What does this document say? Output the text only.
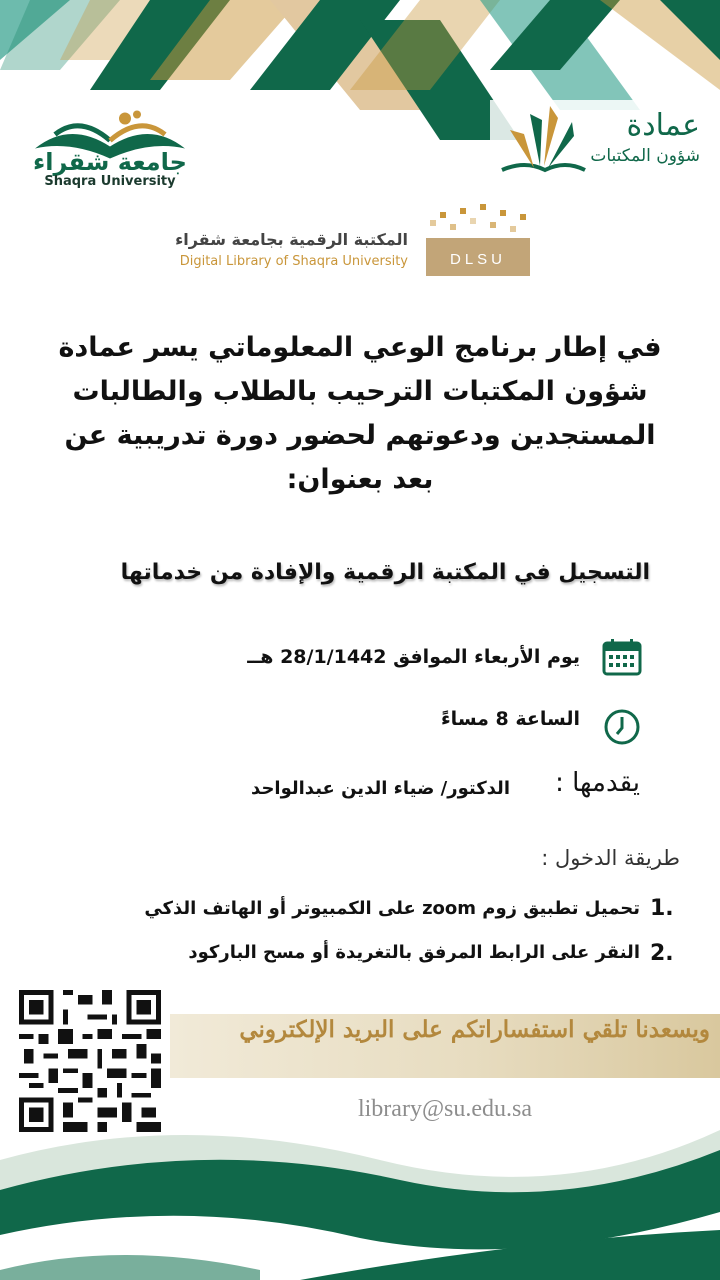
جامعة شقراء
Shaqra University
عمادة
شؤون المكتبات
DLSU
المكتبة الرقمية بجامعة شقراء
Digital Library of Shaqra University
في إطار برنامج الوعي المعلوماتي يسر عمادة شؤون المكتبات الترحيب بالطلاب والطالبات المستجدين ودعوتهم لحضور دورة تدريبية عن بعد بعنوان:
التسجيل في المكتبة الرقمية والإفادة من خدماتها
يوم الأربعاء الموافق 28/1/1442 هــ
الساعة 8 مساءً
يقدمها :
الدكتور/ ضياء الدين عبدالواحد
طريقة الدخول :
1.
تحميل تطبيق زوم zoom على الكمبيوتر أو الهاتف الذكي
2.
النقر على الرابط المرفق بالتغريدة أو مسح الباركود
ويسعدنا تلقي استفساراتكم على البريد الإلكتروني
library@su.edu.sa
